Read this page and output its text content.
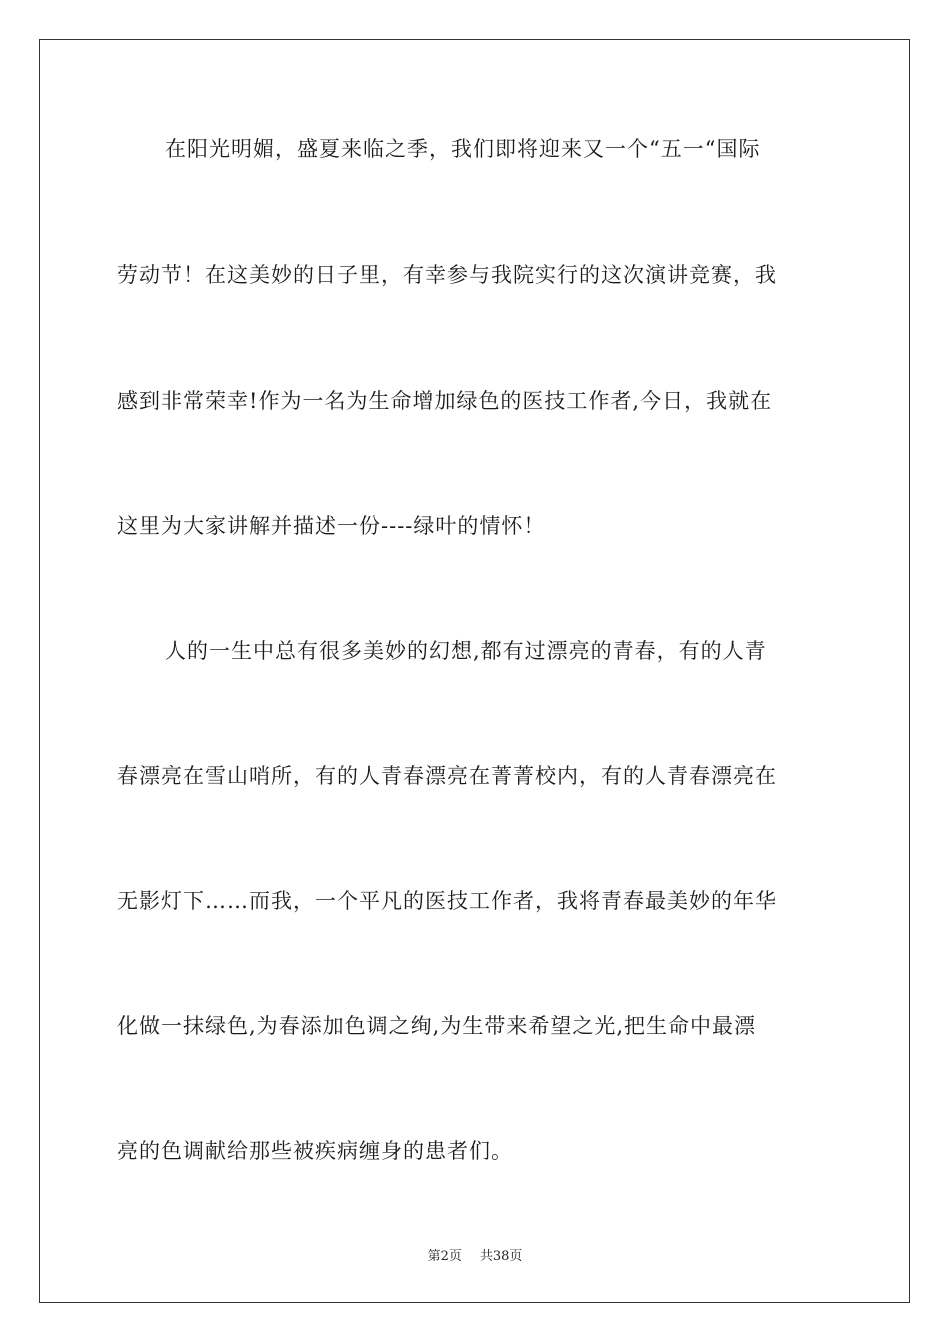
在阳光明媚，盛夏来临之季，我们即将迎来又一个“五一“国际

劳动节！在这美妙的日子里，有幸参与我院实行的这次演讲竞赛，我

感到非常荣幸!作为一名为生命增加绿色的医技工作者,今日，我就在

这里为大家讲解并描述一份----绿叶的情怀！

人的一生中总有很多美妙的幻想,都有过漂亮的青春，有的人青

春漂亮在雪山哨所，有的人青春漂亮在菁菁校内，有的人青春漂亮在

无影灯下……而我，一个平凡的医技工作者，我将青春最美妙的年华

化做一抹绿色,为春添加色调之绚,为生带来希望之光,把生命中最漂

亮的色调献给那些被疾病缠身的患者们。

第2页 共38页
